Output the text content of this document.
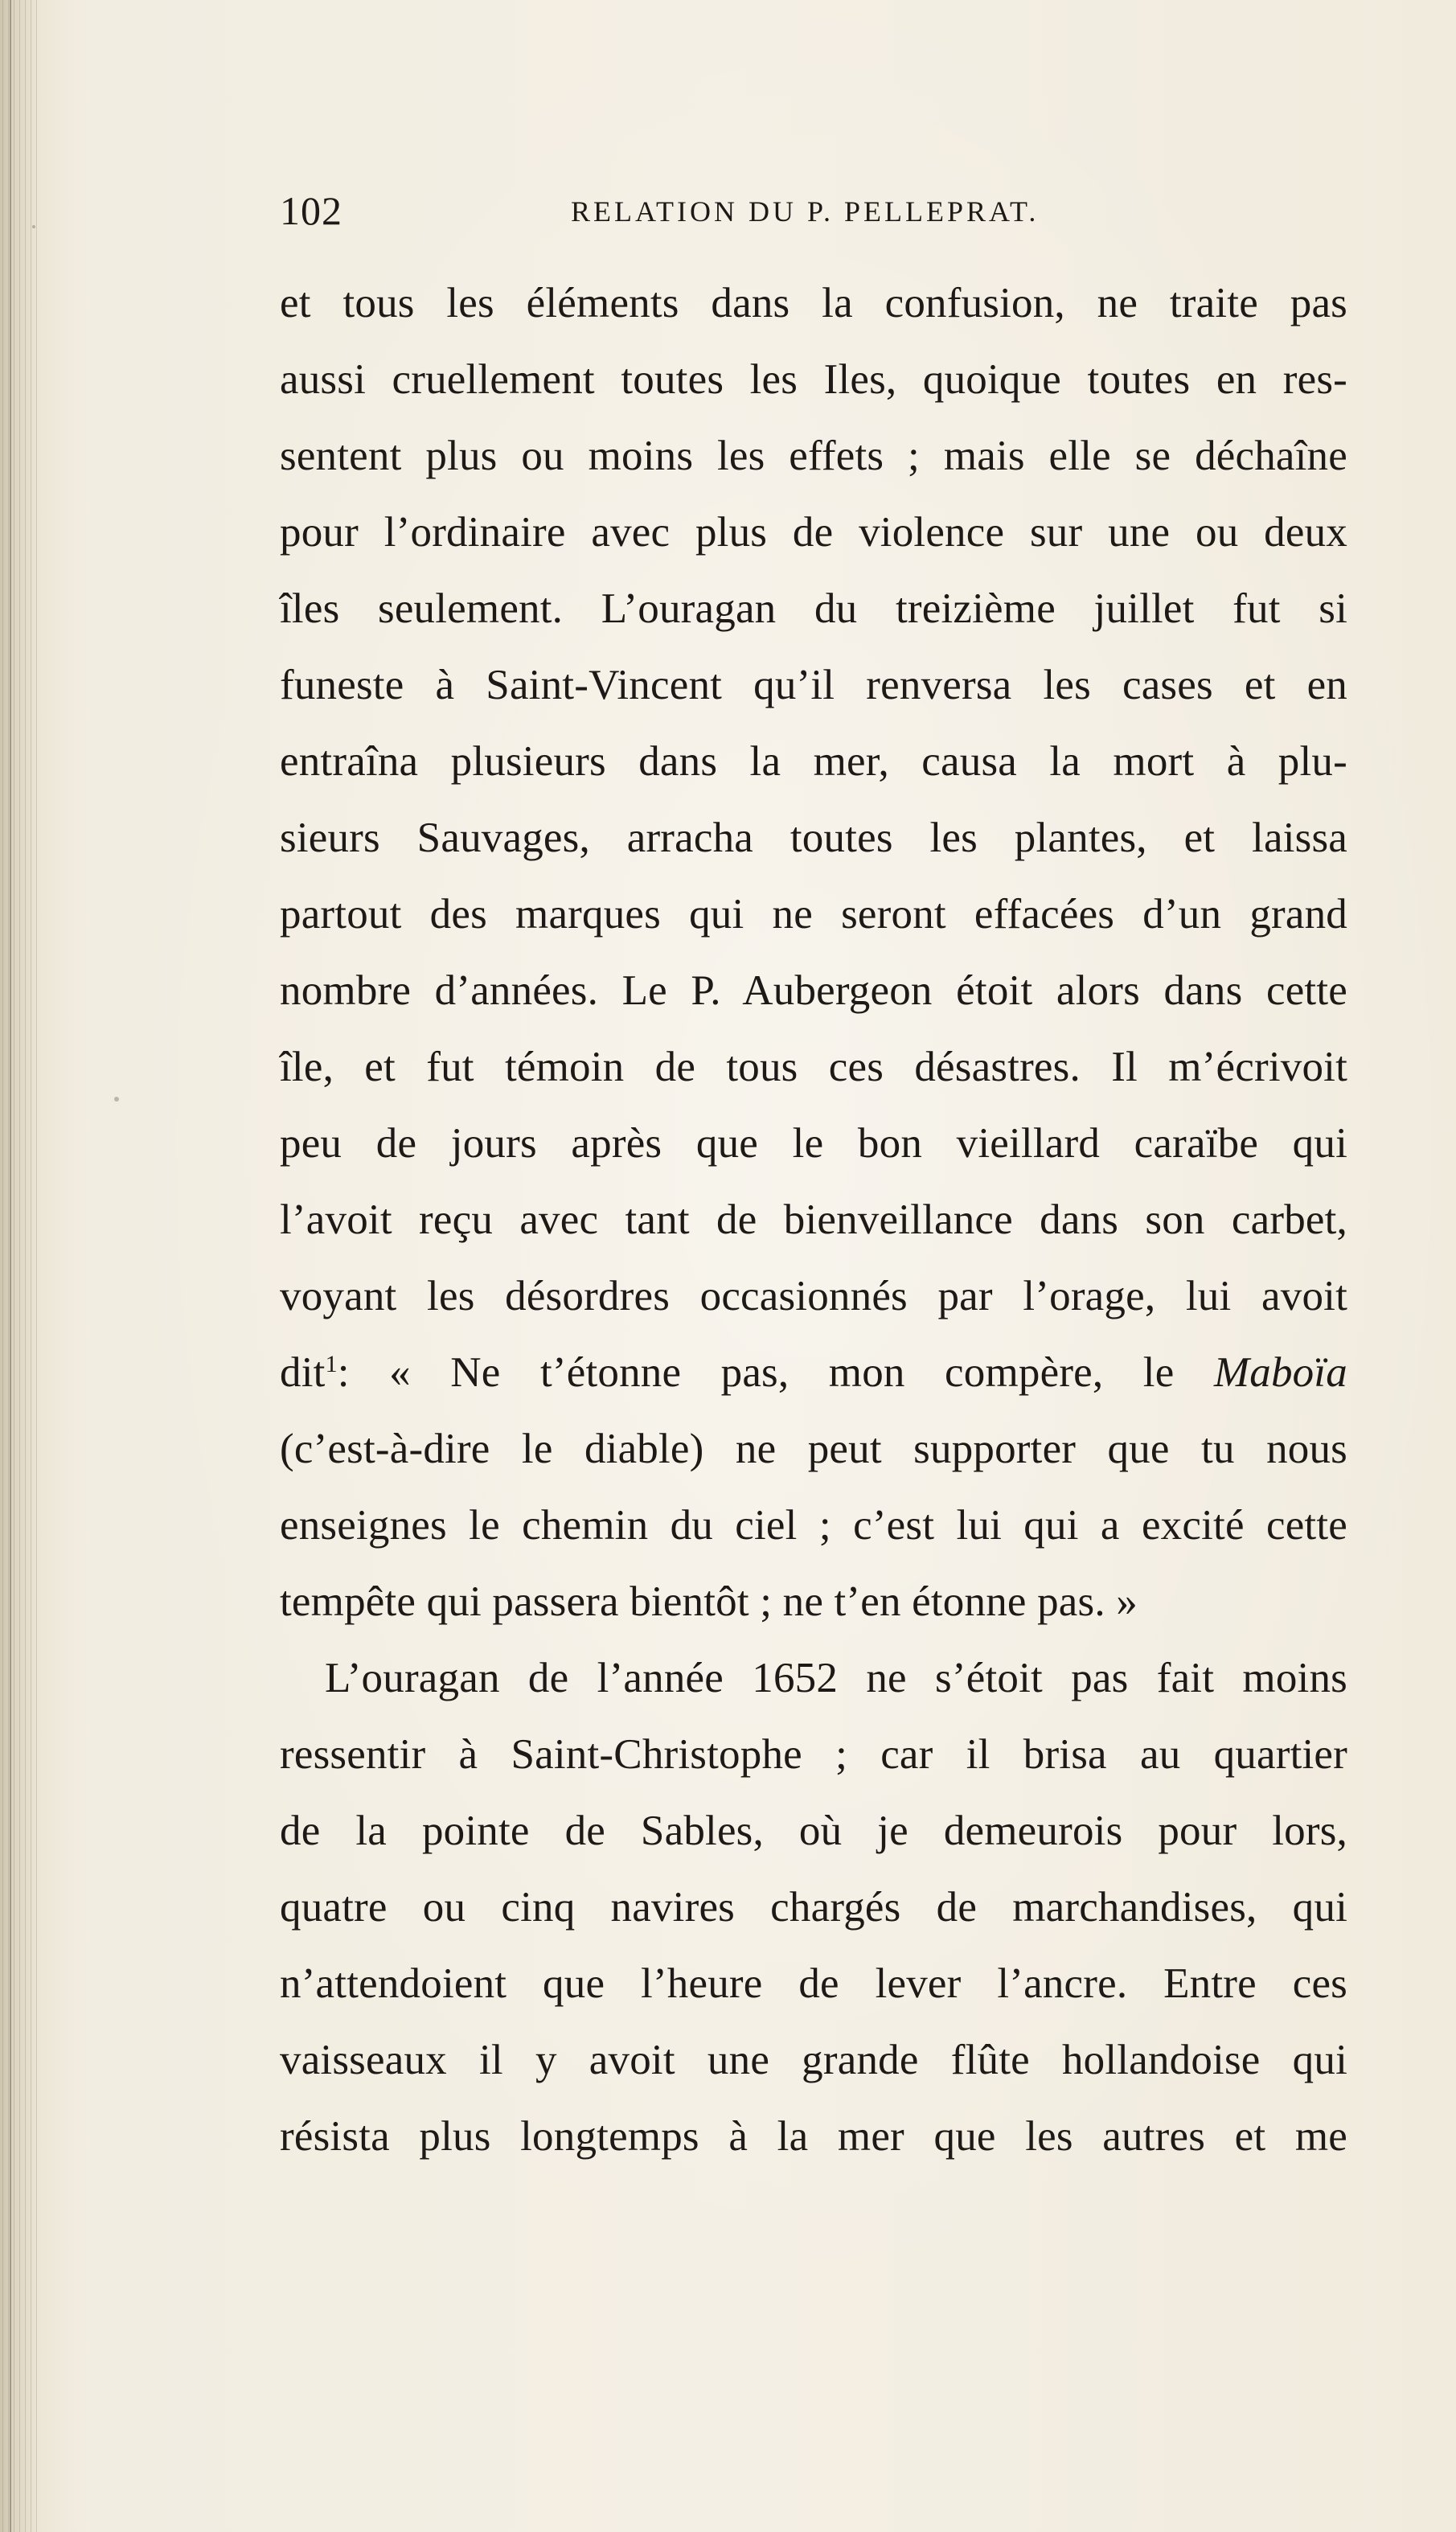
102	RELATION DU P. PELLEPRAT.
et tous les éléments dans la confusion, ne traite pas
aussi cruellement toutes les Iles, quoique toutes en res-
sentent plus ou moins les effets ; mais elle se déchaîne
pour l’ordinaire avec plus de violence sur une ou deux
îles seulement. L’ouragan du treizième juillet fut si
funeste à Saint-Vincent qu’il renversa les cases et en
entraîna plusieurs dans la mer, causa la mort à plu-
sieurs Sauvages, arracha toutes les plantes, et laissa
partout des marques qui ne seront effacées d’un grand
nombre d’années. Le P. Aubergeon étoit alors dans cette
île, et fut témoin de tous ces désastres. Il m’écrivoit
peu de jours après que le bon vieillard caraïbe qui
l’avoit reçu avec tant de bienveillance dans son carbet,
voyant les désordres occasionnés par l’orage, lui avoit
dit$^1$: « Ne t’étonne pas, mon compère, le Maboïa
(c’est-à-dire le diable) ne peut supporter que tu nous
enseignes le chemin du ciel ; c’est lui qui a excité cette
tempête qui passera bientôt ; ne t’en étonne pas. »
L’ouragan de l’année 1652 ne s’étoit pas fait moins
ressentir à Saint-Christophe ; car il brisa au quartier
de la pointe de Sables, où je demeurois pour lors,
quatre ou cinq navires chargés de marchandises, qui
n’attendoient que l’heure de lever l’ancre. Entre ces
vaisseaux il y avoit une grande flûte hollandoise qui
résista plus longtemps à la mer que les autres et me
